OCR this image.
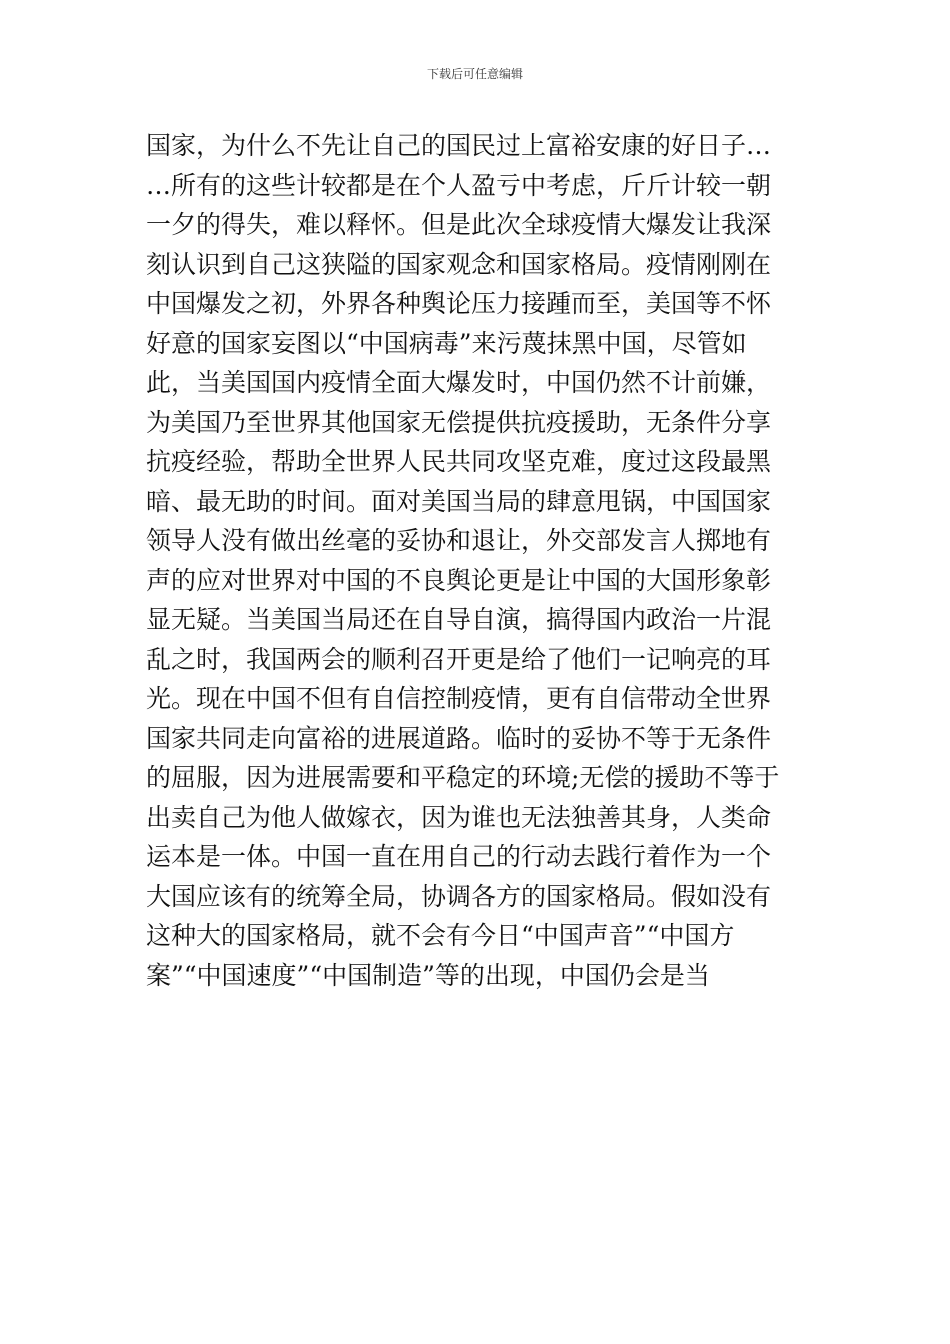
下载后可任意编辑
国家，为什么不先让自己的国民过上富裕安康的好日子…
…所有的这些计较都是在个人盈亏中考虑，斤斤计较一朝
一夕的得失，难以释怀。但是此次全球疫情大爆发让我深
刻认识到自己这狭隘的国家观念和国家格局。疫情刚刚在
中国爆发之初，外界各种舆论压力接踵而至，美国等不怀
好意的国家妄图以“中国病毒”来污蔑抹黑中国，尽管如
此，当美国国内疫情全面大爆发时，中国仍然不计前嫌，
为美国乃至世界其他国家无偿提供抗疫援助，无条件分享
抗疫经验，帮助全世界人民共同攻坚克难，度过这段最黑
暗、最无助的时间。面对美国当局的肆意甩锅，中国国家
领导人没有做出丝毫的妥协和退让，外交部发言人掷地有
声的应对世界对中国的不良舆论更是让中国的大国形象彰
显无疑。当美国当局还在自导自演，搞得国内政治一片混
乱之时，我国两会的顺利召开更是给了他们一记响亮的耳
光。现在中国不但有自信控制疫情，更有自信带动全世界
国家共同走向富裕的进展道路。临时的妥协不等于无条件
的屈服，因为进展需要和平稳定的环境;无偿的援助不等于
出卖自己为他人做嫁衣，因为谁也无法独善其身，人类命
运本是一体。中国一直在用自己的行动去践行着作为一个
大国应该有的统筹全局，协调各方的国家格局。假如没有
这种大的国家格局，就不会有今日“中国声音”“中国方
案”“中国速度”“中国制造”等的出现，中国仍会是当
